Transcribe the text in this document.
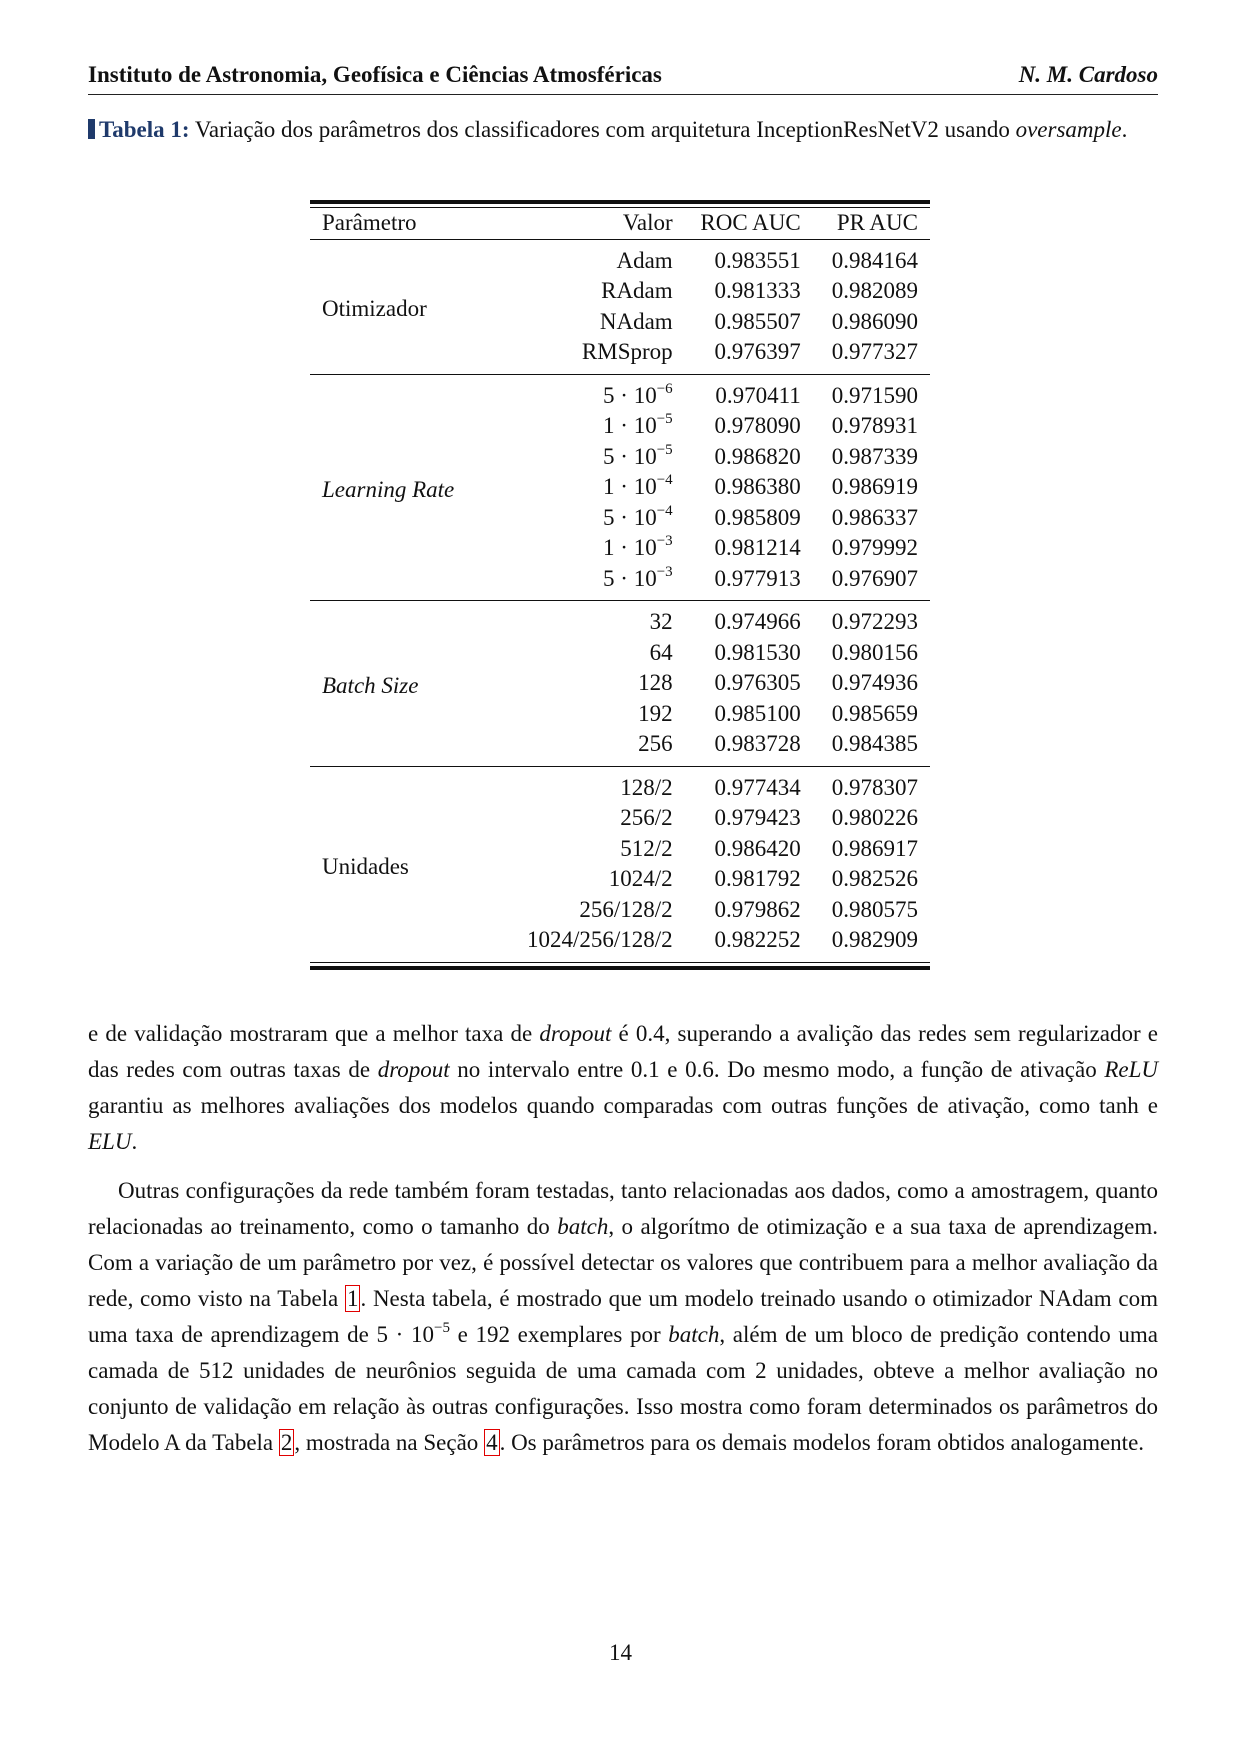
Instituto de Astronomia, Geofísica e Ciências Atmosféricas	N. M. Cardoso
Tabela 1: Variação dos parâmetros dos classificadores com arquitetura InceptionResNetV2 usando oversample.
Parâmetro	Valor	ROC AUC	PR AUC
Otimizador	Adam	0.983551	0.984164
	RAdam	0.981333	0.982089
	NAdam	0.985507	0.986090
	RMSprop	0.976397	0.977327
Learning Rate	$5 \cdot 10^{-6}$	0.970411	0.971590
	$1 \cdot 10^{-5}$	0.978090	0.978931
	$5 \cdot 10^{-5}$	0.986820	0.987339
	$1 \cdot 10^{-4}$	0.986380	0.986919
	$5 \cdot 10^{-4}$	0.985809	0.986337
	$1 \cdot 10^{-3}$	0.981214	0.979992
	$5 \cdot 10^{-3}$	0.977913	0.976907
Batch Size	32	0.974966	0.972293
	64	0.981530	0.980156
	128	0.976305	0.974936
	192	0.985100	0.985659
	256	0.983728	0.984385
Unidades	128/2	0.977434	0.978307
	256/2	0.979423	0.980226
	512/2	0.986420	0.986917
	1024/2	0.981792	0.982526
	256/128/2	0.979862	0.980575
	1024/256/128/2	0.982252	0.982909
e de validação mostraram que a melhor taxa de dropout é 0.4, superando a avalição das redes sem regularizador e das redes com outras taxas de dropout no intervalo entre 0.1 e 0.6. Do mesmo modo, a função de ativação ReLU garantiu as melhores avaliações dos modelos quando comparadas com outras funções de ativação, como tanh e ELU.
Outras configurações da rede também foram testadas, tanto relacionadas aos dados, como a amostragem, quanto relacionadas ao treinamento, como o tamanho do batch, o algorítmo de otimização e a sua taxa de aprendizagem. Com a variação de um parâmetro por vez, é possível detectar os valores que contribuem para a melhor avaliação da rede, como visto na Tabela 1. Nesta tabela, é mostrado que um modelo treinado usando o otimizador NAdam com uma taxa de aprendizagem de $5 \cdot 10^{-5}$ e 192 exemplares por batch, além de um bloco de predição contendo uma camada de 512 unidades de neurônios seguida de uma camada com 2 unidades, obteve a melhor avaliação no conjunto de validação em relação às outras configurações. Isso mostra como foram determinados os parâmetros do Modelo A da Tabela 2, mostrada na Seção 4. Os parâmetros para os demais modelos foram obtidos analogamente.
14
